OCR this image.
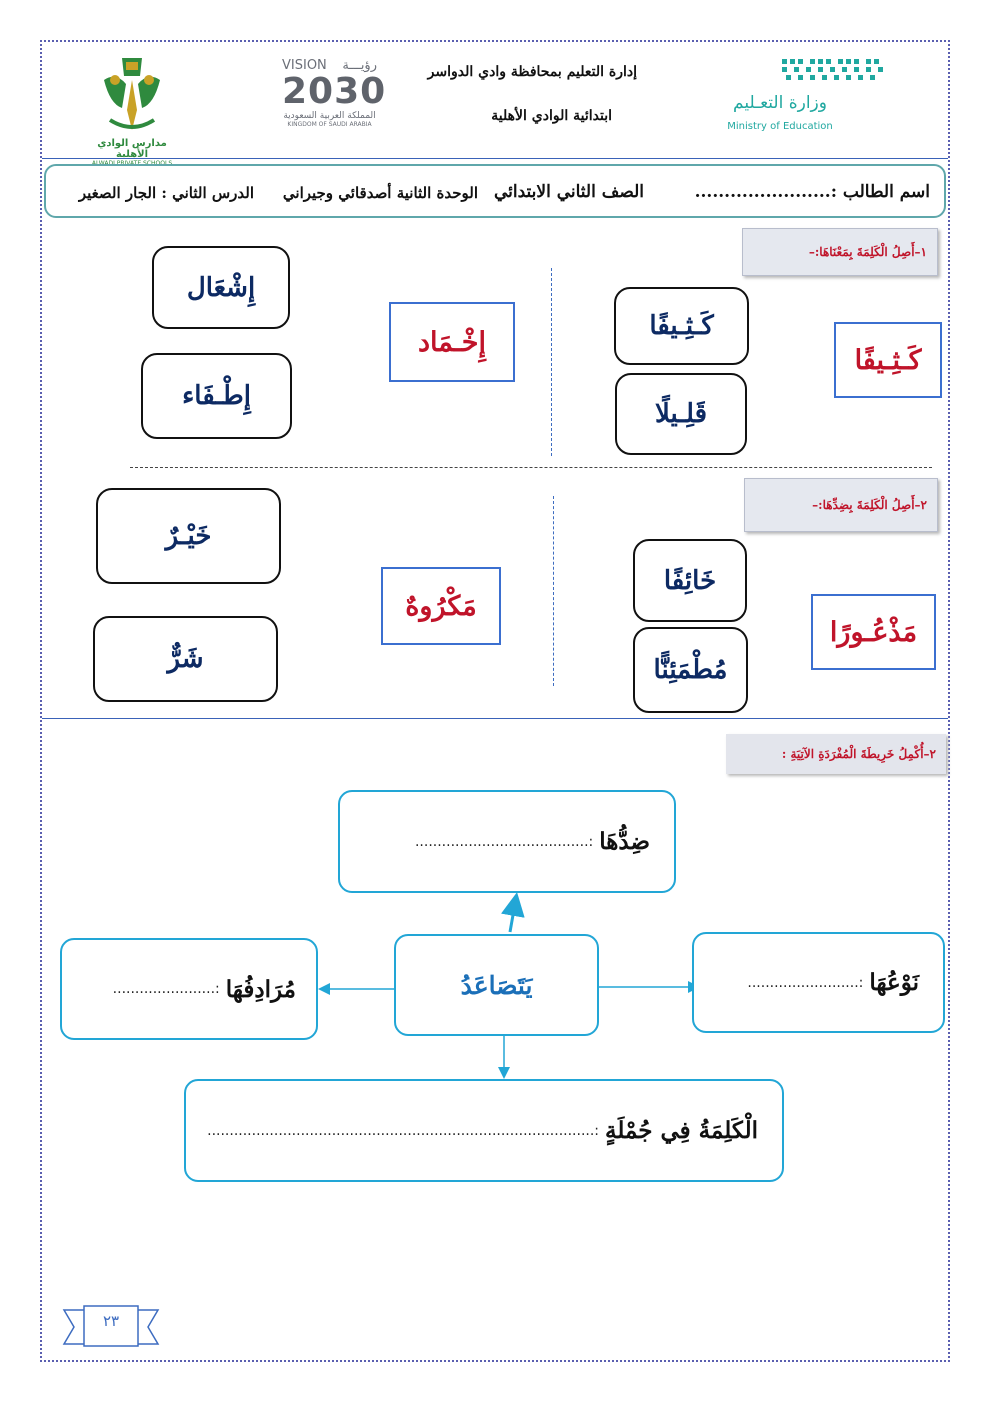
وزارة التعـليم
Ministry of Education
إدارة التعليم بمحافظة وادي الدواسر
ابتدائية الوادي الأهلية
VISION رؤيـــة
2030
المملكة العربية السعودية
KINGDOM OF SAUDI ARABIA
مدارس الوادي الأهلية
ALWADI PRIVATE SCHOOLS
اسم الطالب :.......................
الصف الثاني الابتدائي
الوحدة الثانية أصدقائي وجيراني
الدرس الثاني : الجار الصغير
١–أَصِلُ الْكَلِمَةَ بِمَعْنَاهَا:–
كَـثِـيفًا
كَـثِـيفًا
قَلِـيلًا
إِخْـمَاد
إِشْعَال
إِطْـفَاء
٢–أَصِلُ الْكَلِمَةَ بِضِدِّهَا:–
مَذْعُـورًا
خَائِفًا
مُطْمَئِنًّا
مَكْرُوهٌ
خَيْـرٌ
شَرٌّ
٢–أُكْمِلُ خَرِيطَةَ الْمُفْرَدَةِ الآتِيَةِ :
ضِدُّهَا
:.......................................
نَوْعُهَا
:.........................
يَتَصَاعَدُ
مُرَادِفُهَا
:.......................
الْكَلِمَةُ فِي جُمْلَةٍ
:.......................................................................................
٢٣
